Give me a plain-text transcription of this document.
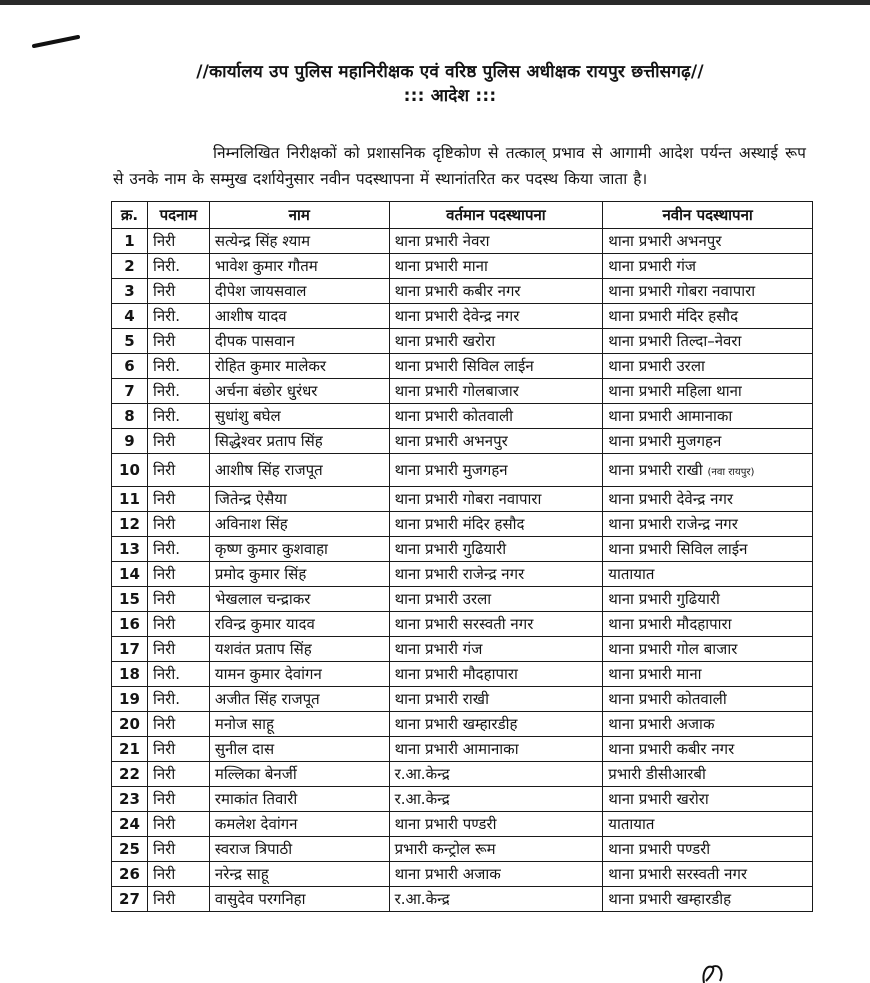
//कार्यालय उप पुलिस महानिरीक्षक एवं वरिष्ठ पुलिस अधीक्षक रायपुर छत्तीसगढ़//
::: आदेश :::

निम्नलिखित निरीक्षकों को प्रशासनिक दृष्टिकोण से तत्काल् प्रभाव से आगामी आदेश पर्यन्त अस्थाई रूप से उनके नाम के सम्मुख दर्शायेनुसार नवीन पदस्थापना में स्थानांतरित कर पदस्थ किया जाता है।

क्र.	पदनाम	नाम	वर्तमान पदस्थापना	नवीन पदस्थापना
1	निरी	सत्येन्द्र सिंह श्याम	थाना प्रभारी नेवरा	थाना प्रभारी अभनपुर
2	निरी.	भावेश कुमार गौतम	थाना प्रभारी माना	थाना प्रभारी गंज
3	निरी	दीपेश जायसवाल	थाना प्रभारी कबीर नगर	थाना प्रभारी गोबरा नवापारा
4	निरी.	आशीष यादव	थाना प्रभारी देवेन्द्र नगर	थाना प्रभारी मंदिर हसौद
5	निरी	दीपक पासवान	थाना प्रभारी खरोरा	थाना प्रभारी तिल्दा–नेवरा
6	निरी.	रोहित कुमार मालेकर	थाना प्रभारी सिविल लाईन	थाना प्रभारी उरला
7	निरी.	अर्चना बंछोर धुरंधर	थाना प्रभारी गोलबाजार	थाना प्रभारी महिला थाना
8	निरी.	सुधांशु बघेल	थाना प्रभारी कोतवाली	थाना प्रभारी आमानाका
9	निरी	सिद्धेश्वर प्रताप सिंह	थाना प्रभारी अभनपुर	थाना प्रभारी मुजगहन
10	निरी	आशीष सिंह राजपूत	थाना प्रभारी मुजगहन	थाना प्रभारी राखी (नवा रायपुर)
11	निरी	जितेन्द्र ऐसैया	थाना प्रभारी गोबरा नवापारा	थाना प्रभारी देवेन्द्र नगर
12	निरी	अविनाश सिंह	थाना प्रभारी मंदिर हसौद	थाना प्रभारी राजेन्द्र नगर
13	निरी.	कृष्ण कुमार कुशवाहा	थाना प्रभारी गुढियारी	थाना प्रभारी सिविल लाईन
14	निरी	प्रमोद कुमार सिंह	थाना प्रभारी राजेन्द्र नगर	यातायात
15	निरी	भेखलाल चन्द्राकर	थाना प्रभारी उरला	थाना प्रभारी गुढियारी
16	निरी	रविन्द्र कुमार यादव	थाना प्रभारी सरस्वती नगर	थाना प्रभारी मौदहापारा
17	निरी	यशवंत प्रताप सिंह	थाना प्रभारी गंज	थाना प्रभारी गोल बाजार
18	निरी.	यामन कुमार देवांगन	थाना प्रभारी मौदहापारा	थाना प्रभारी माना
19	निरी.	अजीत सिंह राजपूत	थाना प्रभारी राखी	थाना प्रभारी कोतवाली
20	निरी	मनोज साहू	थाना प्रभारी खम्हारडीह	थाना प्रभारी अजाक
21	निरी	सुनील दास	थाना प्रभारी आमानाका	थाना प्रभारी कबीर नगर
22	निरी	मल्लिका बेनर्जी	र.आ.केन्द्र	प्रभारी डीसीआरबी
23	निरी	रमाकांत तिवारी	र.आ.केन्द्र	थाना प्रभारी खरोरा
24	निरी	कमलेश देवांगन	थाना प्रभारी पण्डरी	यातायात
25	निरी	स्वराज त्रिपाठी	प्रभारी कन्ट्रोल रूम	थाना प्रभारी पण्डरी
26	निरी	नरेन्द्र साहू	थाना प्रभारी अजाक	थाना प्रभारी सरस्वती नगर
27	निरी	वासुदेव परगनिहा	र.आ.केन्द्र	थाना प्रभारी खम्हारडीह
